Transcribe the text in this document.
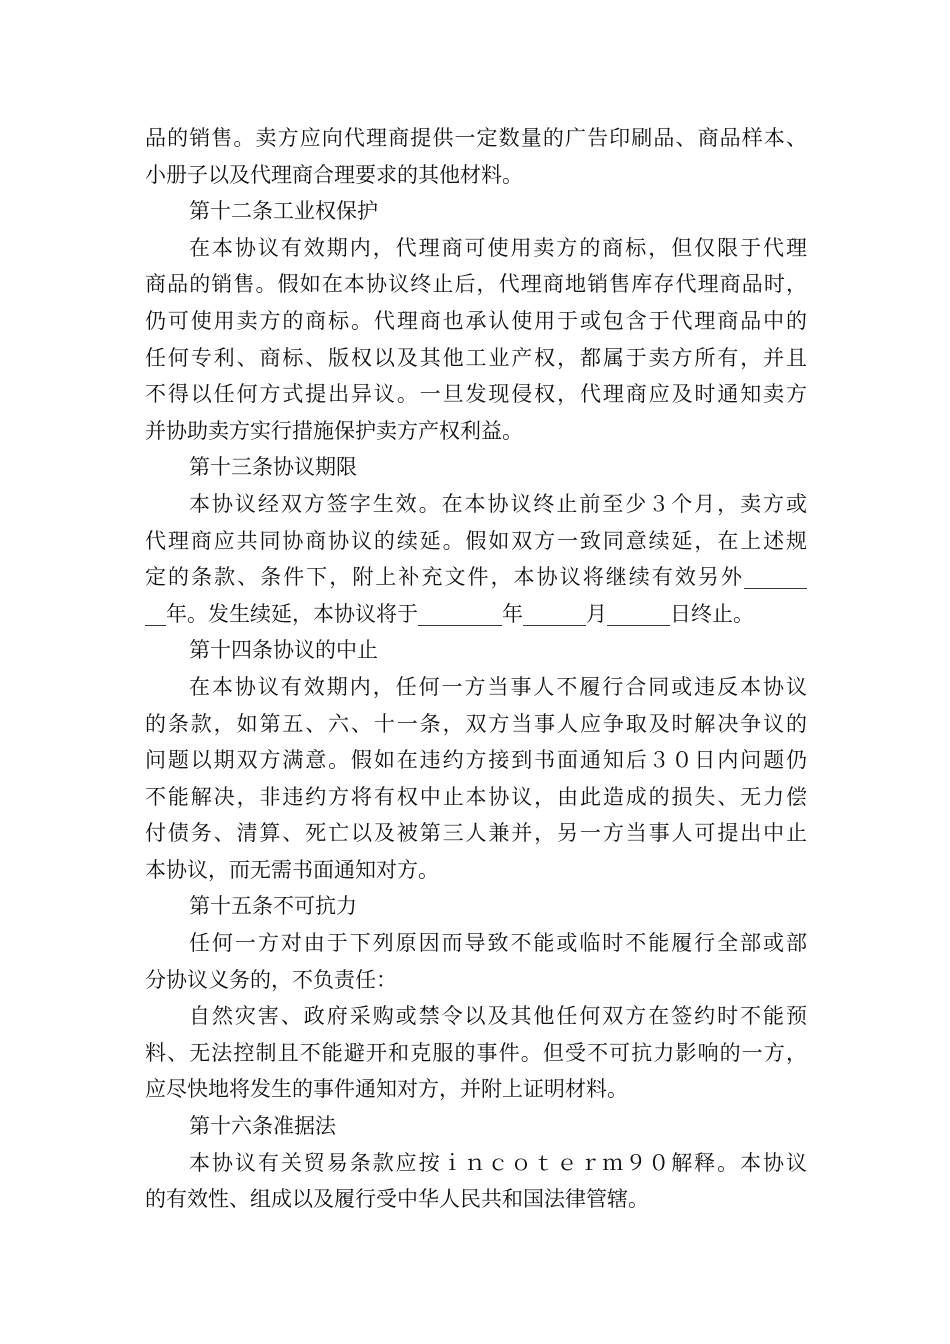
品的销售。卖方应向代理商提供一定数量的广告印刷品、商品样本、
小册子以及代理商合理要求的其他材料。
第十二条工业权保护
在本协议有效期内，代理商可使用卖方的商标，但仅限于代理
商品的销售。假如在本协议终止后，代理商地销售库存代理商品时，
仍可使用卖方的商标。代理商也承认使用于或包含于代理商品中的
任何专利、商标、版权以及其他工业产权，都属于卖方所有，并且
不得以任何方式提出异议。一旦发现侵权，代理商应及时通知卖方
并协助卖方实行措施保护卖方产权利益。
第十三条协议期限
本协议经双方签字生效。在本协议终止前至少３个月，卖方或
代理商应共同协商协议的续延。假如双方一致同意续延，在上述规
定的条款、条件下，附上补充文件，本协议将继续有效另外______
__年。发生续延，本协议将于________年______月______日终止。
第十四条协议的中止
在本协议有效期内，任何一方当事人不履行合同或违反本协议
的条款，如第五、六、十一条，双方当事人应争取及时解决争议的
问题以期双方满意。假如在违约方接到书面通知后３０日内问题仍
不能解决，非违约方将有权中止本协议，由此造成的损失、无力偿
付债务、清算、死亡以及被第三人兼并，另一方当事人可提出中止
本协议，而无需书面通知对方。
第十五条不可抗力
任何一方对由于下列原因而导致不能或临时不能履行全部或部
分协议义务的，不负责任：
自然灾害、政府采购或禁令以及其他任何双方在签约时不能预
料、无法控制且不能避开和克服的事件。但受不可抗力影响的一方，
应尽快地将发生的事件通知对方，并附上证明材料。
第十六条准据法
本协议有关贸易条款应按ｉｎｃｏｔｅｒｍ９０解释。本协议
的有效性、组成以及履行受中华人民共和国法律管辖。
